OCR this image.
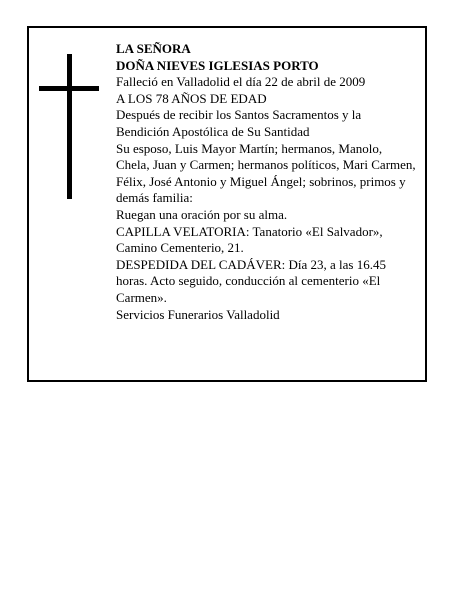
LA SEÑORA

DOÑA NIEVES IGLESIAS PORTO

Falleció en Valladolid el día 22 de abril de 2009

A LOS 78 AÑOS DE EDAD

Después de recibir los Santos Sacramentos y la Bendición Apostólica de Su Santidad

Su esposo, Luis Mayor Martín; hermanos, Manolo, Chela, Juan y Carmen; hermanos políticos, Mari Carmen, Félix, José Antonio y Miguel Ángel; sobrinos, primos y demás familia:

Ruegan una oración por su alma.

CAPILLA VELATORIA: Tanatorio «El Salvador», Camino Cementerio, 21.

DESPEDIDA DEL CADÁVER: Día 23, a las 16.45 horas. Acto seguido, conducción al cementerio «El Carmen».

Servicios Funerarios Valladolid
